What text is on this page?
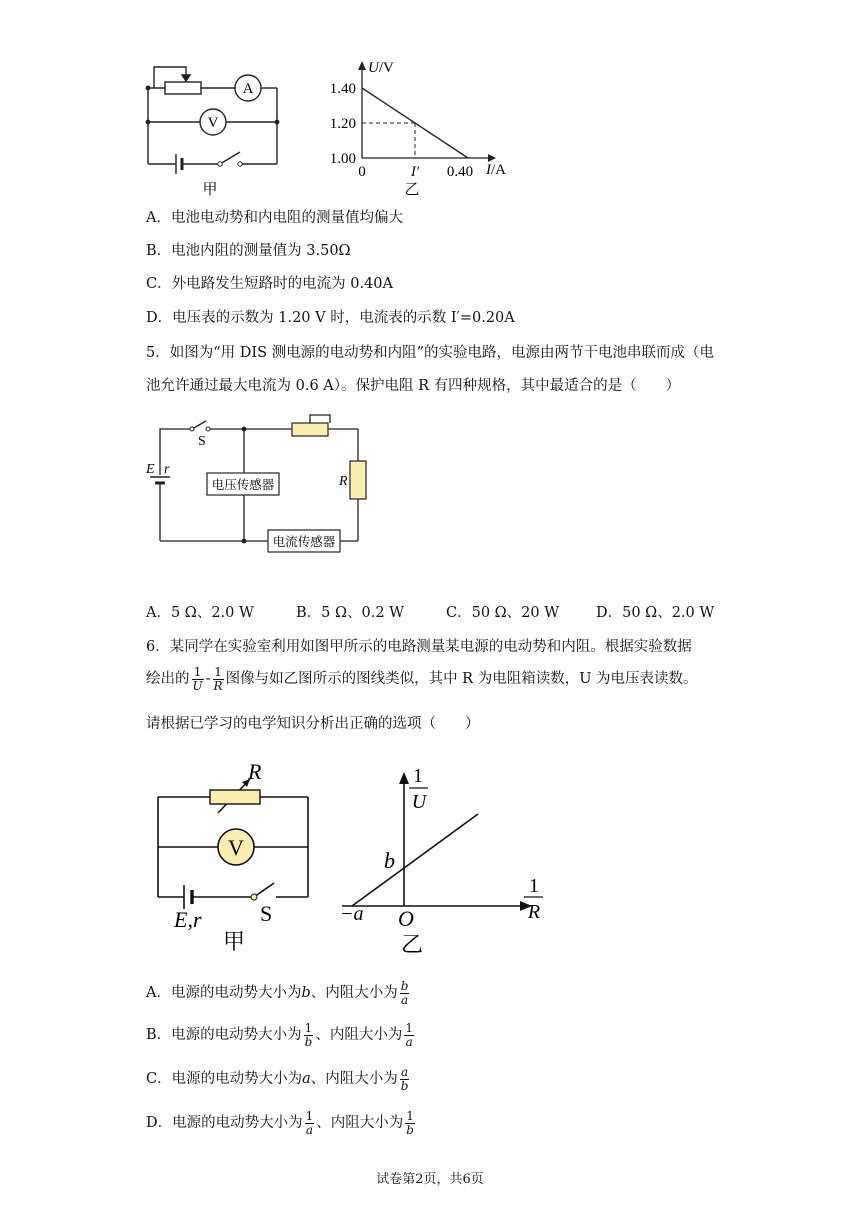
A
V
甲
1.40
1.20
1.00
0	I′ 0.40
U/V
I/A
乙
A．电池电动势和内电阻的测量值均偏大
B．电池内阻的测量值为 3.50Ω
C．外电路发生短路时的电流为 0.40A
D．电压表的示数为 1.20 V 时，电流表的示数 I′=0.20A
5．如图为“用 DIS 测电源的电动势和内阻”的实验电路，电源由两节干电池串联而成（电
池允许通过最大电流为 0.6 A）。保护电阻 R 有四种规格，其中最适合的是（　　）
S
E r
R
电压传感器
电流传感器
A．5 Ω、2.0 W	B．5 Ω、0.2 W	C．50 Ω、20 W	D．50 Ω、2.0 W
6．某同学在实验室利用如图甲所示的电路测量某电源的电动势和内阻。根据实验数据
绘出的 $\frac{1}{U} - \frac{1}{R}$ 图像与如乙图所示的图线类似，其中 R 为电阻箱读数，U 为电压表读数。
请根据已学习的电学知识分析出正确的选项（　　）
R
V
E,r	S
甲
1
U
1
R
b
−a O
乙
A．电源的电动势大小为b、内阻大小为 $\frac{b}{a}$
B．电源的电动势大小为 $\frac{1}{b}$ 、内阻大小为 $\frac{1}{a}$
C．电源的电动势大小为a、内阻大小为 $\frac{a}{b}$
D．电源的电动势大小为 $\frac{1}{a}$ 、内阻大小为 $\frac{1}{b}$
试卷第2页，共6页
